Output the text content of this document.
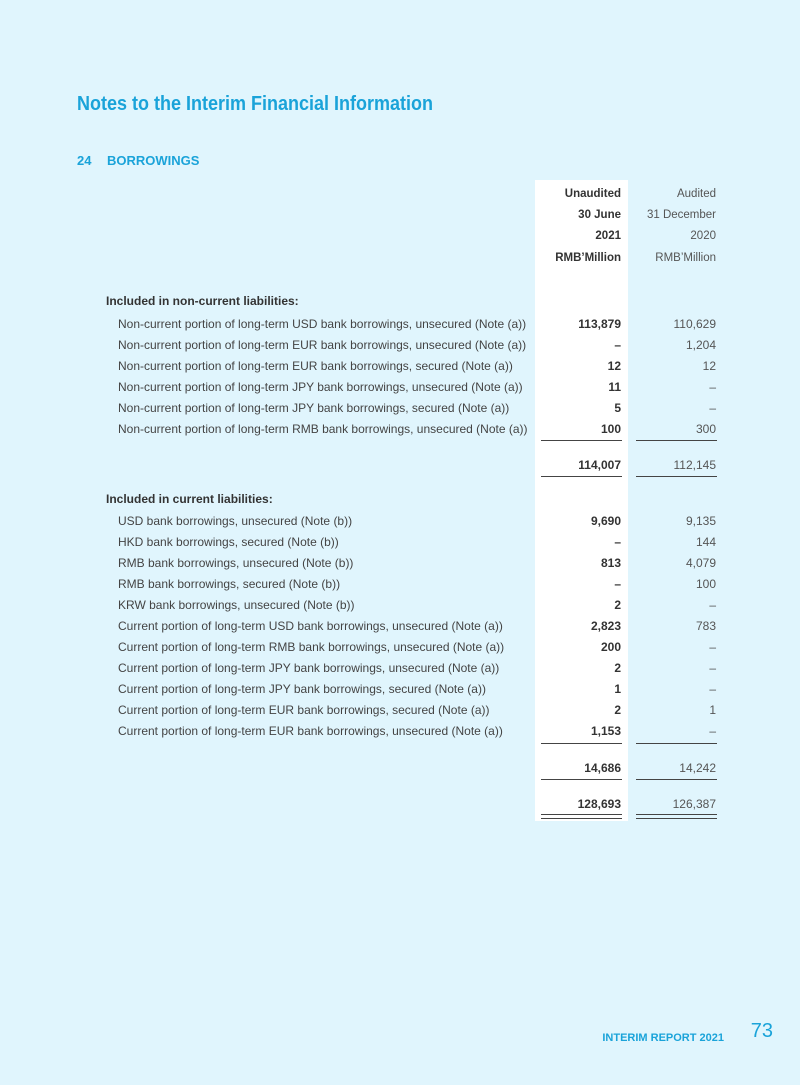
Notes to the Interim Financial Information
24 BORROWINGS
Unaudited	Audited
30 June	31 December
2021	2020
RMB’Million	RMB’Million
Included in non-current liabilities:
Non-current portion of long-term USD bank borrowings, unsecured (Note (a))	113,879	110,629
Non-current portion of long-term EUR bank borrowings, unsecured (Note (a))	–	1,204
Non-current portion of long-term EUR bank borrowings, secured (Note (a))	12	12
Non-current portion of long-term JPY bank borrowings, unsecured (Note (a))	11	–
Non-current portion of long-term JPY bank borrowings, secured (Note (a))	5	–
Non-current portion of long-term RMB bank borrowings, unsecured (Note (a))	100	300
114,007	112,145
Included in current liabilities:
USD bank borrowings, unsecured (Note (b))	9,690	9,135
HKD bank borrowings, secured (Note (b))	–	144
RMB bank borrowings, unsecured (Note (b))	813	4,079
RMB bank borrowings, secured (Note (b))	–	100
KRW bank borrowings, unsecured (Note (b))	2	–
Current portion of long-term USD bank borrowings, unsecured (Note (a))	2,823	783
Current portion of long-term RMB bank borrowings, unsecured (Note (a))	200	–
Current portion of long-term JPY bank borrowings, unsecured (Note (a))	2	–
Current portion of long-term JPY bank borrowings, secured (Note (a))	1	–
Current portion of long-term EUR bank borrowings, secured (Note (a))	2	1
Current portion of long-term EUR bank borrowings, unsecured (Note (a))	1,153	–
14,686	14,242
128,693	126,387
INTERIM REPORT 2021 73
